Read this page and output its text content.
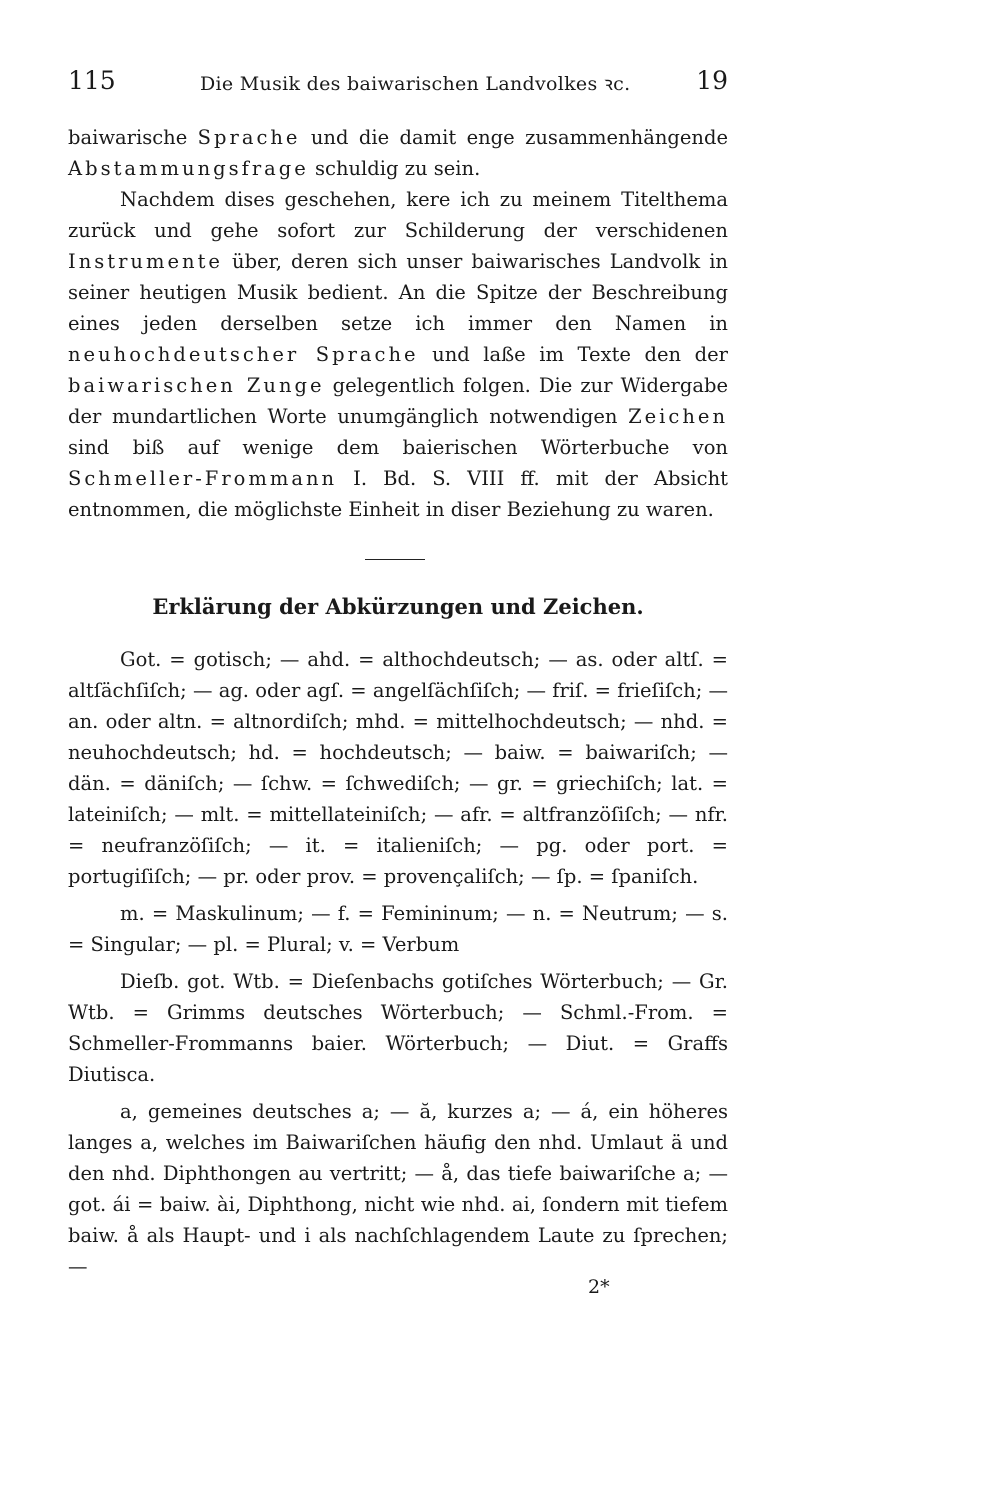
115	Die Musik des baiwarischen Landvolkes ꝛc.	19

baiwarische Sprache und die damit enge zusammenhängende Abstammungsfrage schuldig zu sein.

Nachdem dises geschehen, kere ich zu meinem Titelthema zurück und gehe sofort zur Schilderung der verschidenen Instrumente über, deren sich unser baiwarisches Landvolk in seiner heutigen Musik bedient. An die Spitze der Beschreibung eines jeden derselben setze ich immer den Namen in neuhochdeutscher Sprache und laße im Texte den der baiwarischen Zunge gelegentlich folgen. Die zur Widergabe der mundartlichen Worte unumgänglich notwendigen Zeichen sind biß auf wenige dem baierischen Wörterbuche von Schmeller-Frommann I. Bd. S. VIII ff. mit der Absicht entnommen, die möglichste Einheit in diser Beziehung zu waren.

Erklärung der Abkürzungen und Zeichen.

Got. = gotisch; — ahd. = althochdeutsch; — as. oder altſ. = altſächſiſch; — ag. oder agſ. = angelſächſiſch; — friſ. = frieſiſch; — an. oder altn. = altnordiſch; mhd. = mittelhochdeutsch; — nhd. = neuhochdeutsch; hd. = hochdeutsch; — baiw. = baiwariſch; — dän. = däniſch; — ſchw. = ſchwediſch; — gr. = griechiſch; lat. = lateiniſch; — mlt. = mittellateiniſch; — afr. = altfranzöſiſch; — nfr. = neufranzöſiſch; — it. = italieniſch; — pg. oder port. = portugiſiſch; — pr. oder prov. = provençaliſch; — ſp. = ſpaniſch.

m. = Maskulinum; — f. = Femininum; — n. = Neutrum; — s. = Singular; — pl. = Plural; v. = Verbum

Dieſb. got. Wtb. = Dieſenbachs gotiſches Wörterbuch; — Gr. Wtb. = Grimms deutsches Wörterbuch; — Schml.-From. = Schmeller-Frommanns baier. Wörterbuch; — Diut. = Graffs Diutisca.

a, gemeines deutsches a; — ă, kurzes a; — á, ein höheres langes a, welches im Baiwariſchen häufig den nhd. Umlaut ä und den nhd. Diphthongen au vertritt; — å, das tiefe baiwariſche a; — got. ái = baiw. ài, Diphthong, nicht wie nhd. ai, ſondern mit tiefem baiw. å als Haupt- und i als nachſchlagendem Laute zu ſprechen; —

2*
